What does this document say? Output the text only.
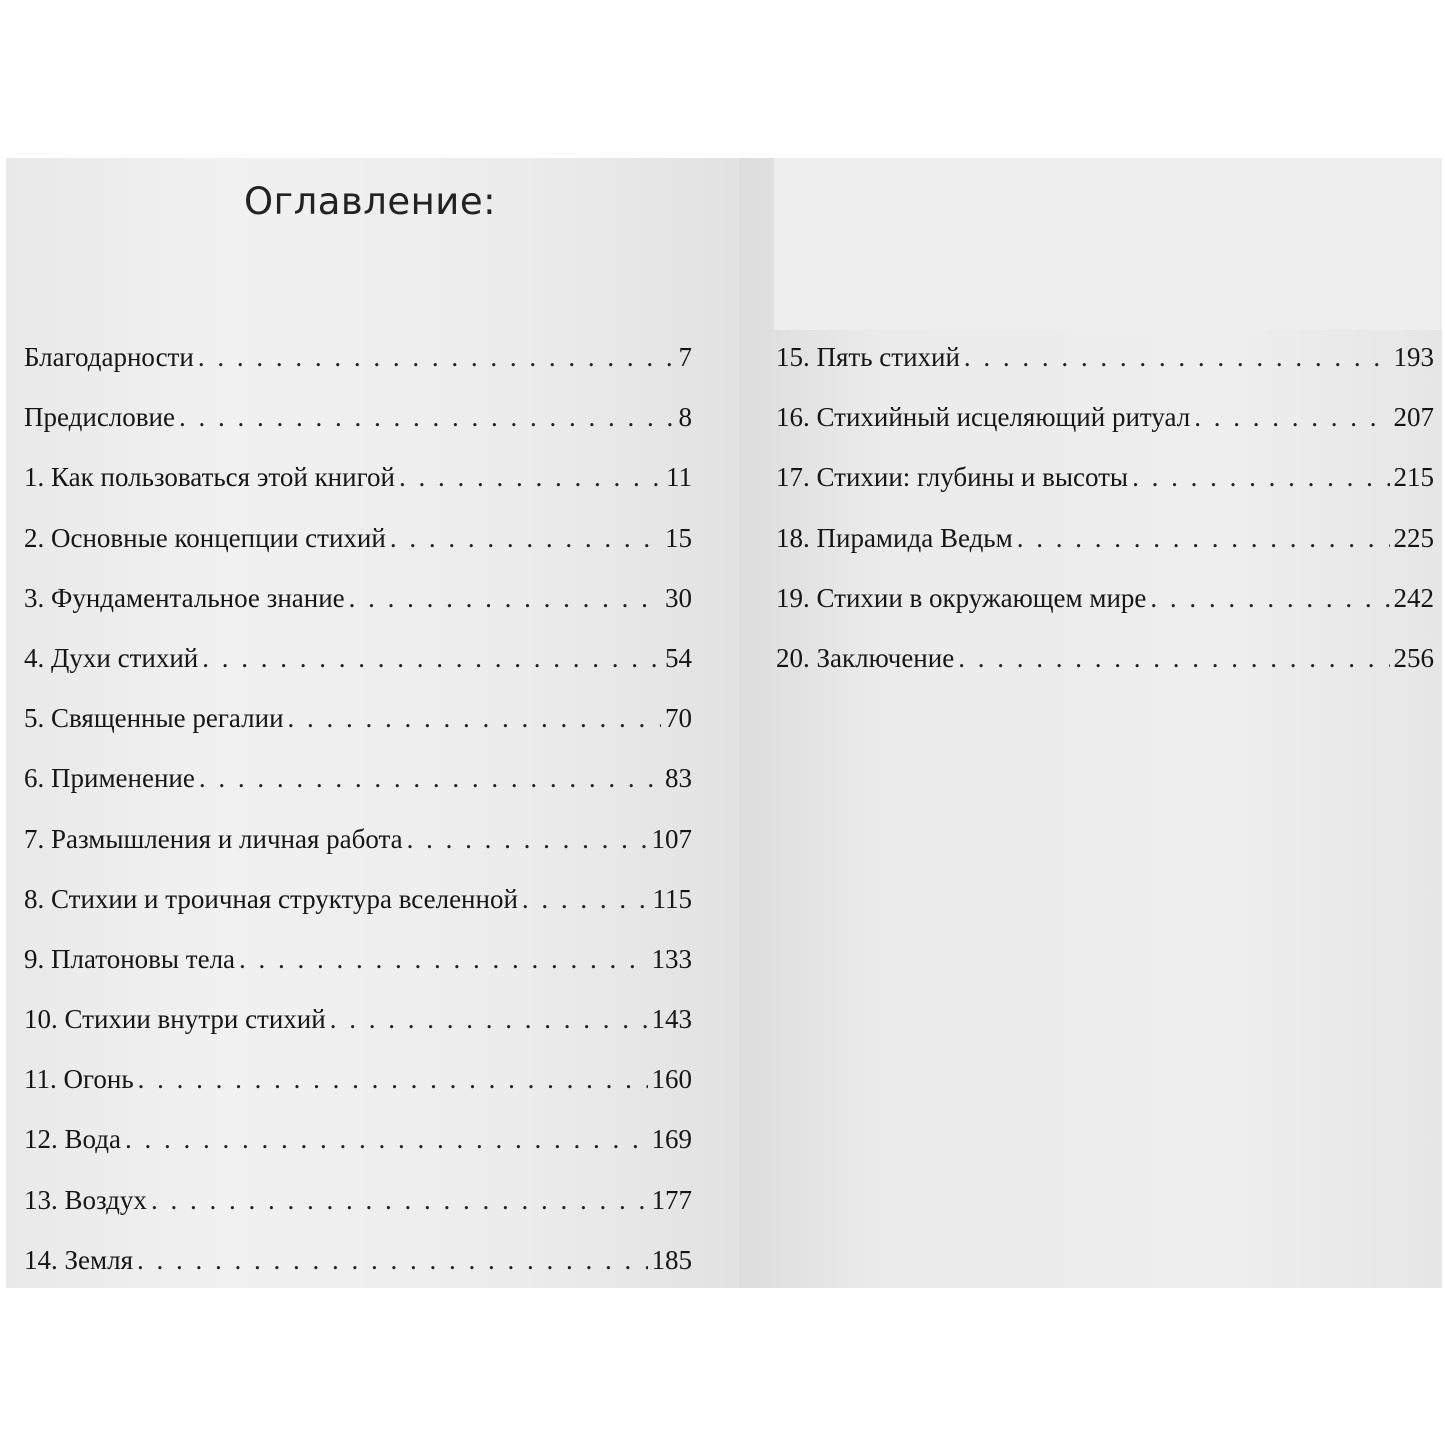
Оглавление:
Благодарности . . .	7
Предисловие . . .	8
1. Как пользоваться этой книгой . . .	11
2. Основные концепции стихий . . .	15
3. Фундаментальное знание . . .	30
4. Духи стихий . . .	54
5. Священные регалии . . .	70
6. Применение . . .	83
7. Размышления и личная работа . . .	107
8. Стихии и троичная структура вселенной . . .	115
9. Платоновы тела . . .	133
10. Стихии внутри стихий . . .	143
11. Огонь . . .	160
12. Вода . . .	169
13. Воздух . . .	177
14. Земля . . .	185
15. Пять стихий . . .	193
16. Стихийный исцеляющий ритуал . . .	207
17. Стихии: глубины и высоты . . .	215
18. Пирамида Ведьм . . .	225
19. Стихии в окружающем мире . . .	242
20. Заключение . . .	256
